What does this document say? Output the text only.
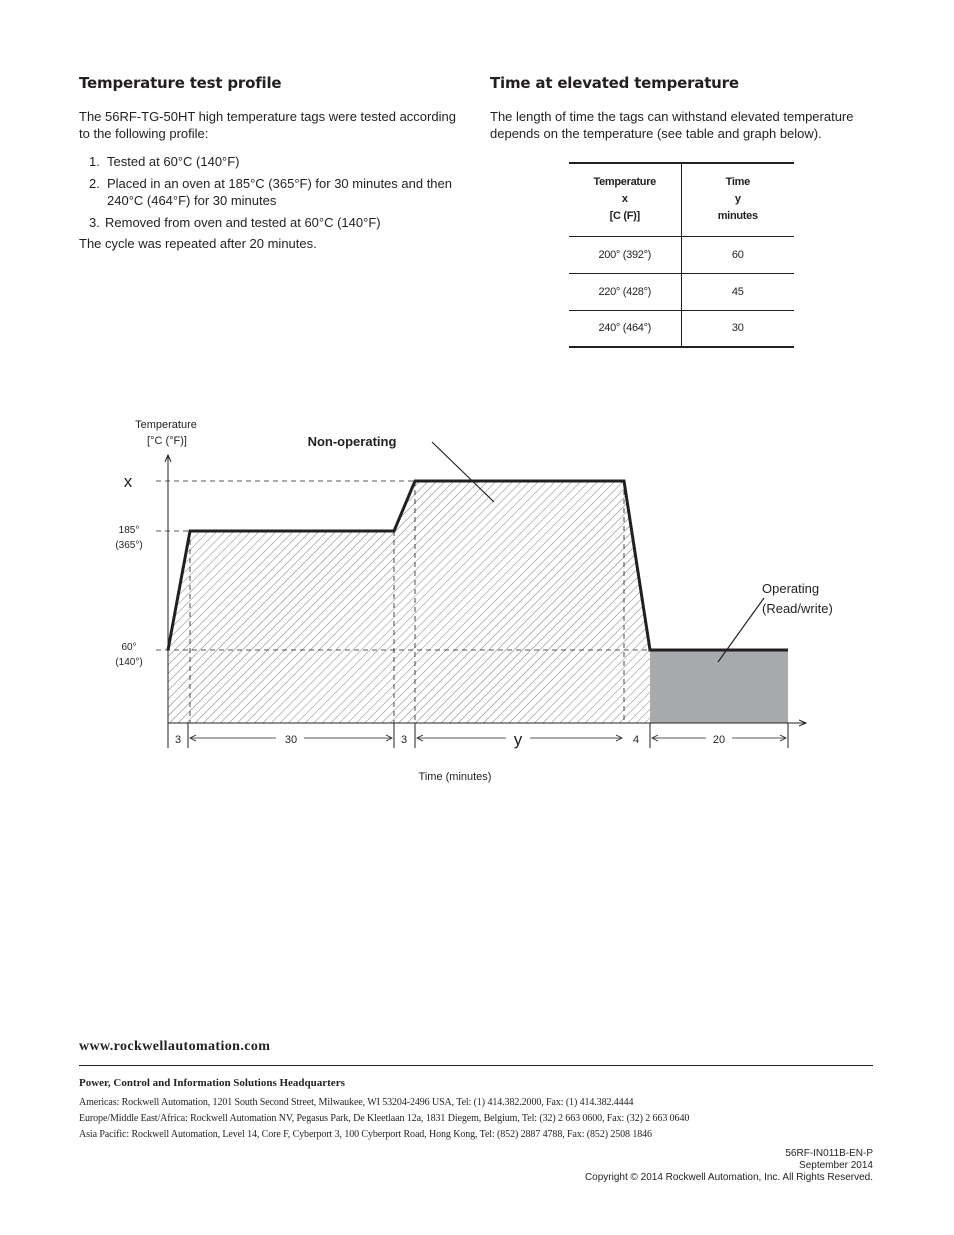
Temperature test profile

The 56RF-TG-50HT high temperature tags were tested according to the following profile:

1. Tested at 60°C (140°F)
2. Placed in an oven at 185°C (365°F) for 30 minutes and then 240°C (464°F) for 30 minutes
3. Removed from oven and tested at 60°C (140°F)

The cycle was repeated after 20 minutes.

Time at elevated temperature

The length of time the tags can withstand elevated temperature depends on the temperature (see table and graph below).

Temperature
x
[C (F)]	Time
y
minutes

200° (392°)	60
220° (428°)	45
240° (464°)	30
Temperature
[°C (°F)]
Time (minutes)
x
185°
(365°)
60°
(140°)
3	30	3	y	4	20
Non-operating
Operating
(Read/write)
www.rockwellautomation.com
Power, Control and Information Solutions Headquarters
Americas: Rockwell Automation, 1201 South Second Street, Milwaukee, WI 53204-2496 USA, Tel: (1) 414.382.2000, Fax: (1) 414.382.4444
Europe/Middle East/Africa: Rockwell Automation NV, Pegasus Park, De Kleetlaan 12a, 1831 Diegem, Belgium, Tel: (32) 2 663 0600, Fax: (32) 2 663 0640
Asia Pacific: Rockwell Automation, Level 14, Core F, Cyberport 3, 100 Cyberport Road, Hong Kong, Tel: (852) 2887 4788, Fax: (852) 2508 1846
56RF-IN011B-EN-P
September 2014
Copyright © 2014 Rockwell Automation, Inc. All Rights Reserved.
